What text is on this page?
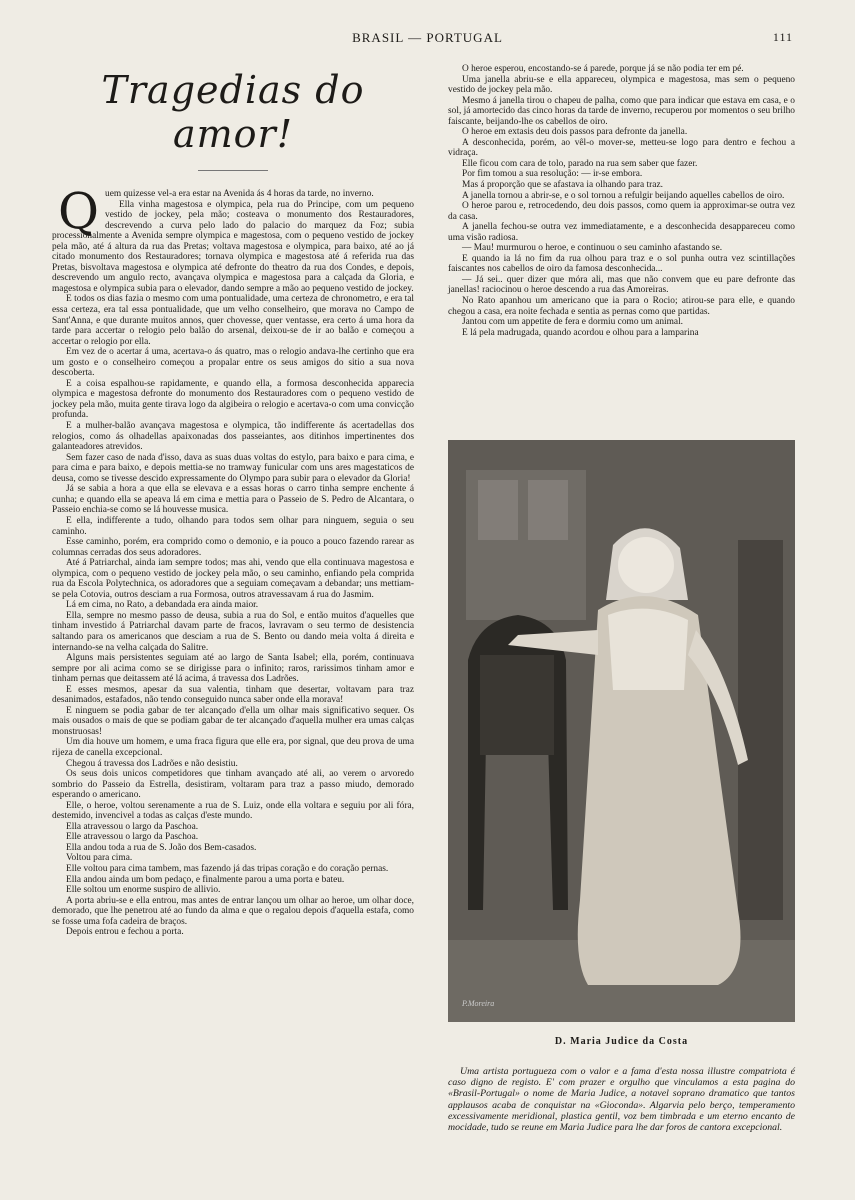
BRASIL — PORTUGAL	111
Tragedias do amor!

Quem quizesse vel-a era estar na Avenida ás 4 horas da tarde, no inverno.

Ella vinha magestosa e olympica, pela rua do Principe, com um pequeno vestido de jockey, pela mão; costeava o monumento dos Restauradores, descrevendo a curva pelo lado do palacio do marquez da Foz; subia processionalmente a Avenida sempre olympica e magestosa, com o pequeno vestido de jockey pela mão, até á altura da rua das Pretas; voltava magestosa e olympica, para baixo, até ao já citado monumento dos Restauradores; tornava olympica e magestosa até á referida rua das Pretas, bisvoltava magestosa e olympica até defronte do theatro da rua dos Condes, e depois, descrevendo um angulo recto, avançava olympica e magestosa para a calçada da Gloria, e magestosa e olympica subia para o elevador, dando sempre a mão ao pequeno vestido de jockey.

E todos os dias fazia o mesmo com uma pontualidade, uma certeza de chronometro, e era tal essa certeza, era tal essa pontualidade, que um velho conselheiro, que morava no Campo de Sant'Anna, e que durante muitos annos, quer chovesse, quer ventasse, era certo á uma hora da tarde para accertar o relogio pelo balão do arsenal, deixou-se de ir ao balão e começou a accertar o relogio por ella.

Em vez de o acertar á uma, acertava-o ás quatro, mas o relogio andava-lhe certinho que era um gosto e o conselheiro começou a propalar entre os seus amigos do sitio a sua nova descoberta.

E a coisa espalhou-se rapidamente, e quando ella, a formosa desconhecida apparecia olympica e magestosa defronte do monumento dos Restauradores com o pequeno vestido de jockey pela mão, muita gente tirava logo da algibeira o relogio e acertava-o com uma convicção profunda.

E a mulher-balão avançava magestosa e olympica, tão indifferente ás acertadellas dos relogios, como ás olhadellas apaixonadas dos passeiantes, aos ditinhos impertinentes dos galanteadores atrevidos.

Sem fazer caso de nada d'isso, dava as suas duas voltas do estylo, para baixo e para cima, e para cima e para baixo, e depois mettia-se no tramway funicular com uns ares magestaticos de deusa, como se tivesse descido expressamente do Olympo para subir para o elevador da Gloria!

Já se sabia a hora a que ella se elevava e a essas horas o carro tinha sempre enchente á cunha; e quando ella se apeava lá em cima e mettia para o Passeio de S. Pedro de Alcantara, o Passeio enchia-se como se lá houvesse musica.

E ella, indifferente a tudo, olhando para todos sem olhar para ninguem, seguia o seu caminho.

Esse caminho, porém, era comprido como o demonio, e ia pouco a pouco fazendo rarear as columnas cerradas dos seus adoradores.

Até á Patriarchal, ainda iam sempre todos; mas ahi, vendo que ella continuava magestosa e olympica, com o pequeno vestido de jockey pela mão, o seu caminho, enfiando pela comprida rua da Escola Polytechnica, os adoradores que a seguiam começavam a debandar; uns mettiam-se pela Cotovia, outros desciam a rua Formosa, outros atravessavam á rua do Jasmim.

Lá em cima, no Rato, a debandada era ainda maior.

Ella, sempre no mesmo passo de deusa, subia a rua do Sol, e então muitos d'aquelles que tinham investido á Patriarchal davam parte de fracos, lavravam o seu termo de desistencia saltando para os americanos que desciam a rua de S. Bento ou dando meia volta á direita e internando-se na velha calçada do Salitre.

Alguns mais persistentes seguiam até ao largo de Santa Isabel; ella, porém, continuava sempre por ali acima como se se dirigisse para o infinito; raros, rarissimos tinham amor e tinham pernas que deitassem até lá acima, á travessa dos Ladrões.

E esses mesmos, apesar da sua valentia, tinham que desertar, voltavam para traz desanimados, estafados, não tendo conseguido nunca saber onde ella morava!

E ninguem se podia gabar de ter alcançado d'ella um olhar mais significativo sequer. Os mais ousados o mais de que se podiam gabar de ter alcançado d'aquella mulher era umas calças monstruosas!

Um dia houve um homem, e uma fraca figura que elle era, por signal, que deu prova de uma rijeza de canella excepcional.

Chegou á travessa dos Ladrões e não desistiu.

Os seus dois unicos competidores que tinham avançado até ali, ao verem o arvoredo sombrio do Passeio da Estrella, desistiram, voltaram para traz a passo miudo, demorado esperando o americano.

Elle, o heroe, voltou serenamente a rua de S. Luiz, onde ella voltara e seguiu por ali fóra, destemido, invencivel a todas as calças d'este mundo.

Ella atravessou o largo da Paschoa.

Elle atravessou o largo da Paschoa.

Ella andou toda a rua de S. João dos Bem-casados.

Voltou para cima.

Elle voltou para cima tambem, mas fazendo já das tripas coração e do coração pernas.

Ella andou ainda um bom pedaço, e finalmente parou a uma porta e bateu.

Elle soltou um enorme suspiro de allivio.

A porta abriu-se e ella entrou, mas antes de entrar lançou um olhar ao heroe, um olhar doce, demorado, que lhe penetrou até ao fundo da alma e que o regalou depois d'aquella estafa, como se fosse uma fofa cadeira de braços.

Depois entrou e fechou a porta.

O heroe esperou, encostando-se á parede, porque já se não podia ter em pé.

Uma janella abriu-se e ella appareceu, olympica e magestosa, mas sem o pequeno vestido de jockey pela mão.

Mesmo á janella tirou o chapeu de palha, como que para indicar que estava em casa, e o sol, já amortecido das cinco horas da tarde de inverno, recuperou por momentos o seu brilho faiscante, beijando-lhe os cabellos de oiro.

O heroe em extasis deu dois passos para defronte da janella.

A desconhecida, porém, ao vêl-o mover-se, metteu-se logo para dentro e fechou a vidraça.

Elle ficou com cara de tolo, parado na rua sem saber que fazer.

Por fim tomou a sua resolução: — ir-se embora.

Mas á proporção que se afastava ia olhando para traz.

A janella tornou a abrir-se, e o sol tornou a refulgir beijando aquelles cabellos de oiro.

O heroe parou e, retrocedendo, deu dois passos, como quem ia approximar-se outra vez da casa.

A janella fechou-se outra vez immediatamente, e a desconhecida desappareceu como uma visão radiosa.

— Mau! murmurou o heroe, e continuou o seu caminho afastando se.

E quando ia lá no fim da rua olhou para traz e o sol punha outra vez scintillações faiscantes nos cabellos de oiro da famosa desconhecida...

— Já sei.. quer dizer que móra ali, mas que não convem que eu pare defronte das janellas! raciocinou o heroe descendo a rua das Amoreiras.

No Rato apanhou um americano que ia para o Rocio; atirou-se para elle, e quando chegou a casa, era noite fechada e sentia as pernas como que partidas.

Jantou com um appetite de fera e dormiu como um animal.

E lá pela madrugada, quando acordou e olhou para a lamparina

P.Moreira
D. Maria Judice da Costa

Uma artista portugueza com o valor e a fama d'esta nossa illustre compatriota é caso digno de registo. E' com prazer e orgulho que vinculamos a esta pagina do «Brasil-Portugal» o nome de Maria Judice, a notavel soprano dramatico que tantos applausos acaba de conquistar na «Gioconda». Algarvia pelo berço, temperamento excessivamente meridional, plastica gentil, voz bem timbrada e um eterno encanto de mocidade, tudo se reune em Maria Judice para lhe dar foros de cantora excepcional.
